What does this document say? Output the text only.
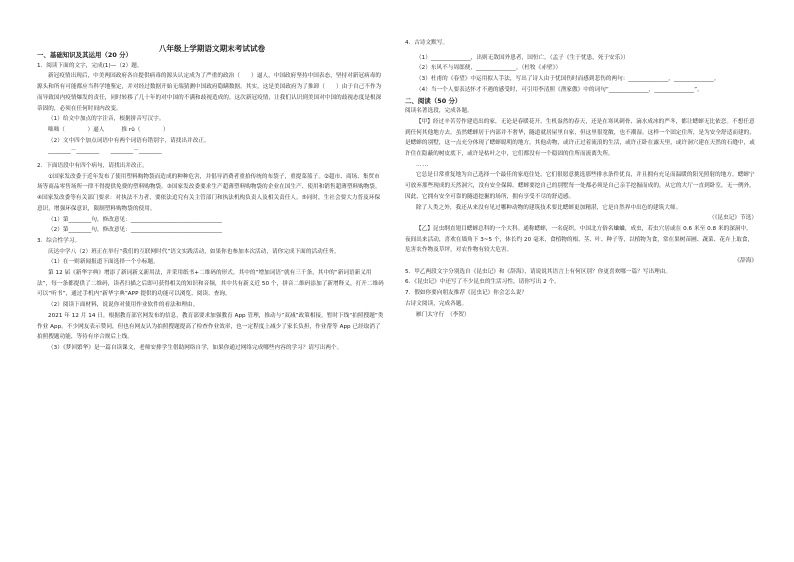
八年级上学期语文期末考试试卷
一、基础知识及其运用（20 分）
1．阅读下面的文字，完成(1)—（2）题。
新冠疫情出现后，中美两国政府各自提供病毒的源头认定成为了严重的政治（　　）逼人，中国政府坚持中国表态，坚持对新冠病毒的源头和所有可能都应当科学地鉴定，并对经过数据开始无端猜测中国政府隐瞒数据。其实，这是美国政府为了推卸（　　）由于自己不作为而导致国内疫情爆发的责任，同时转移了几十年的对中国的不满和歧视造成的。这次新冠疫情，让我们认识到美国对中国的歧视态度是根深蒂固的，必须在任何时间内改变。
（1）给文中加点的字注音，根据拼音写汉字。
咄咄（　　　　）逼人　　　推 rǔ（　　　　）
（2）文中四个加点词语中有两个词语有错别字，请找出并改正。
________－________　　________－________
2．下面语段中有四个病句，请找出并改正。
①国家发改委于近年发布了使用塑料购物袋而造成的种种危害，并倡导消费者重拾传统的布袋子，重提菜篮子。②超市、商场、集贸市场等商品零售场所一律不得提供免费的塑料购物袋。③国家发改委要求生产超薄塑料购物袋的企业在国生产、使用和销售超薄塑料购物袋。④国家发改委等有关部门要求：对执法不力者，要依法追究有关主管部门和执法机构负责人及相关责任人。⑤同时，生社会要大力普及环保意识，增强环保意识，限制塑料购物袋的使用。
（1）第________句，修改意见：________________________________
（2）第________句，修改意见：________________________________
3．综合性学习。
庆达中学八（2）班正在举行“我们的互联网时代”语文实践活动，如果你也参加本次活动，请你完成下面的活动任务。
（1）在一则新闻报道下面选择一个小标题。
第 12 届《新华字典》增添了新词新义新用法，并采用纸书+二维码的形式。其中的“增加词语”就有三千条，其中的“新词语新义用法”，每一条都提供了二维码，读者扫描之后即可获得相关的知识和音频，其中共有新义近 50 个，拼音二维码添加了新增释义，打开二维码可以“听书”，通过手机内“新华字典”APP 提供的功能可以浏览、阅读、查询。
（2）阅读下面材料，说说你对使用作业软件的看法和理由。
2021 年 12 月 14 日，根据教育部官网发布的信息，教育部要求加强教育 App 管理，推动与“双减”政策相接，暂时下线“拍照搜题”类作业 App。不少网友表示赞同，但也有网友认为拍照搜题提高了检查作业效率，也一定程度上减少了家长负担，作业帮等 App 已经取消了拍照搜题功能，等待有序合规后上线。
（3）《梦回繁华》是一篇自读课文，老师安排学生借助网络自学，如果你通过网络完成哪些内容的学习？请写出两个。
4．古诗文默写。
（1）______________，出则无敌国外患者，国恒亡。（孟子《生于忧患，死于安乐》）
（2）东风不与周郎便，______________。（杜牧《赤壁》）
（3）杜甫的《春望》中运用拟人手法，写出了诗人由于忧国伤时而感到悲伤的两句：______________，______________。
（4）当一个人要表达怀才不遇的感受时，可引用李清照《渔家傲》中的词句“______________，______________”。
二、阅读（50 分）
阅读名著选段，完成各题。
【甲】经过辛苦劳作建造出的家，无论是春暖花开、生机盎然的春天，还是在寒风刺骨、滴水成冰的严冬，都让蟋蟀无比依恋。不想任意到任何其他地方去。虽然蟋蟀居于内部并不奢华，隧道就居屋里自家，但这里很宽敞，也不潮湿。这样一个固定住所，是为安全舒适而建的，是蟋蟀的别墅，这一点充分体现了蟋蟀聪明的地方。其他动物，或许正过着流浪的生活，或许正卧在露天里，或许洞穴建在天然的石缝中，或许住在隐蔽的树皮底下，或许是枯叶之中，它们都没有一个稳固的住所而流离失所。
……
它总是日常重复地为自己选择一个最佳的家庭住处。它们很愿意挑选那些排水条件优良，并且拥有充足而温暖的阳光照射的地方。蟋蟀宁可放弃那些现成的天然洞穴，没有安全保障。蟋蟀要挖自己的别墅每一处都必须是自己亲手挖掘而成的，从它的大厅一直到卧室，无一例外。因此，它拥有安全可靠的隧道挖掘的场所，拥有享受不尽的舒适感。
除了人类之外，我还从来没有见过哪种动物的建筑技术要比蟋蟀更加精湛，它是自然界中出色的建筑大师。
（《昆虫记》节选）
【乙】昆虫纲直翅目蟋蟀总科的一个大科。通称蟋蟀，一名促织。中国北方俗名蛐蛐，成虫，若虫穴居或在 0.6 米至 0.8 米的深洞中，夜间出来活动，喜欢在墙角下 3~5 个，体长约 20 毫米，食植物的根、茎、叶、种子等，以植物为食，常在果树苗圃、蔬菜、花卉上取食，危害农作物及草坪，对农作物有较大危害。
《辞海》
5．甲乙两段文字分别选自《昆虫记》和《辞海》，请说说其语言上有何区别？你更喜欢哪一篇？写出理由。
6．《昆虫记》中还写了不少昆虫的生活习性，请你写出 2 个。
7．假如你要向朋友推荐《昆虫记》你会怎么说？
古诗文阅读，完成各题。
雁门太守行　（李贺）
